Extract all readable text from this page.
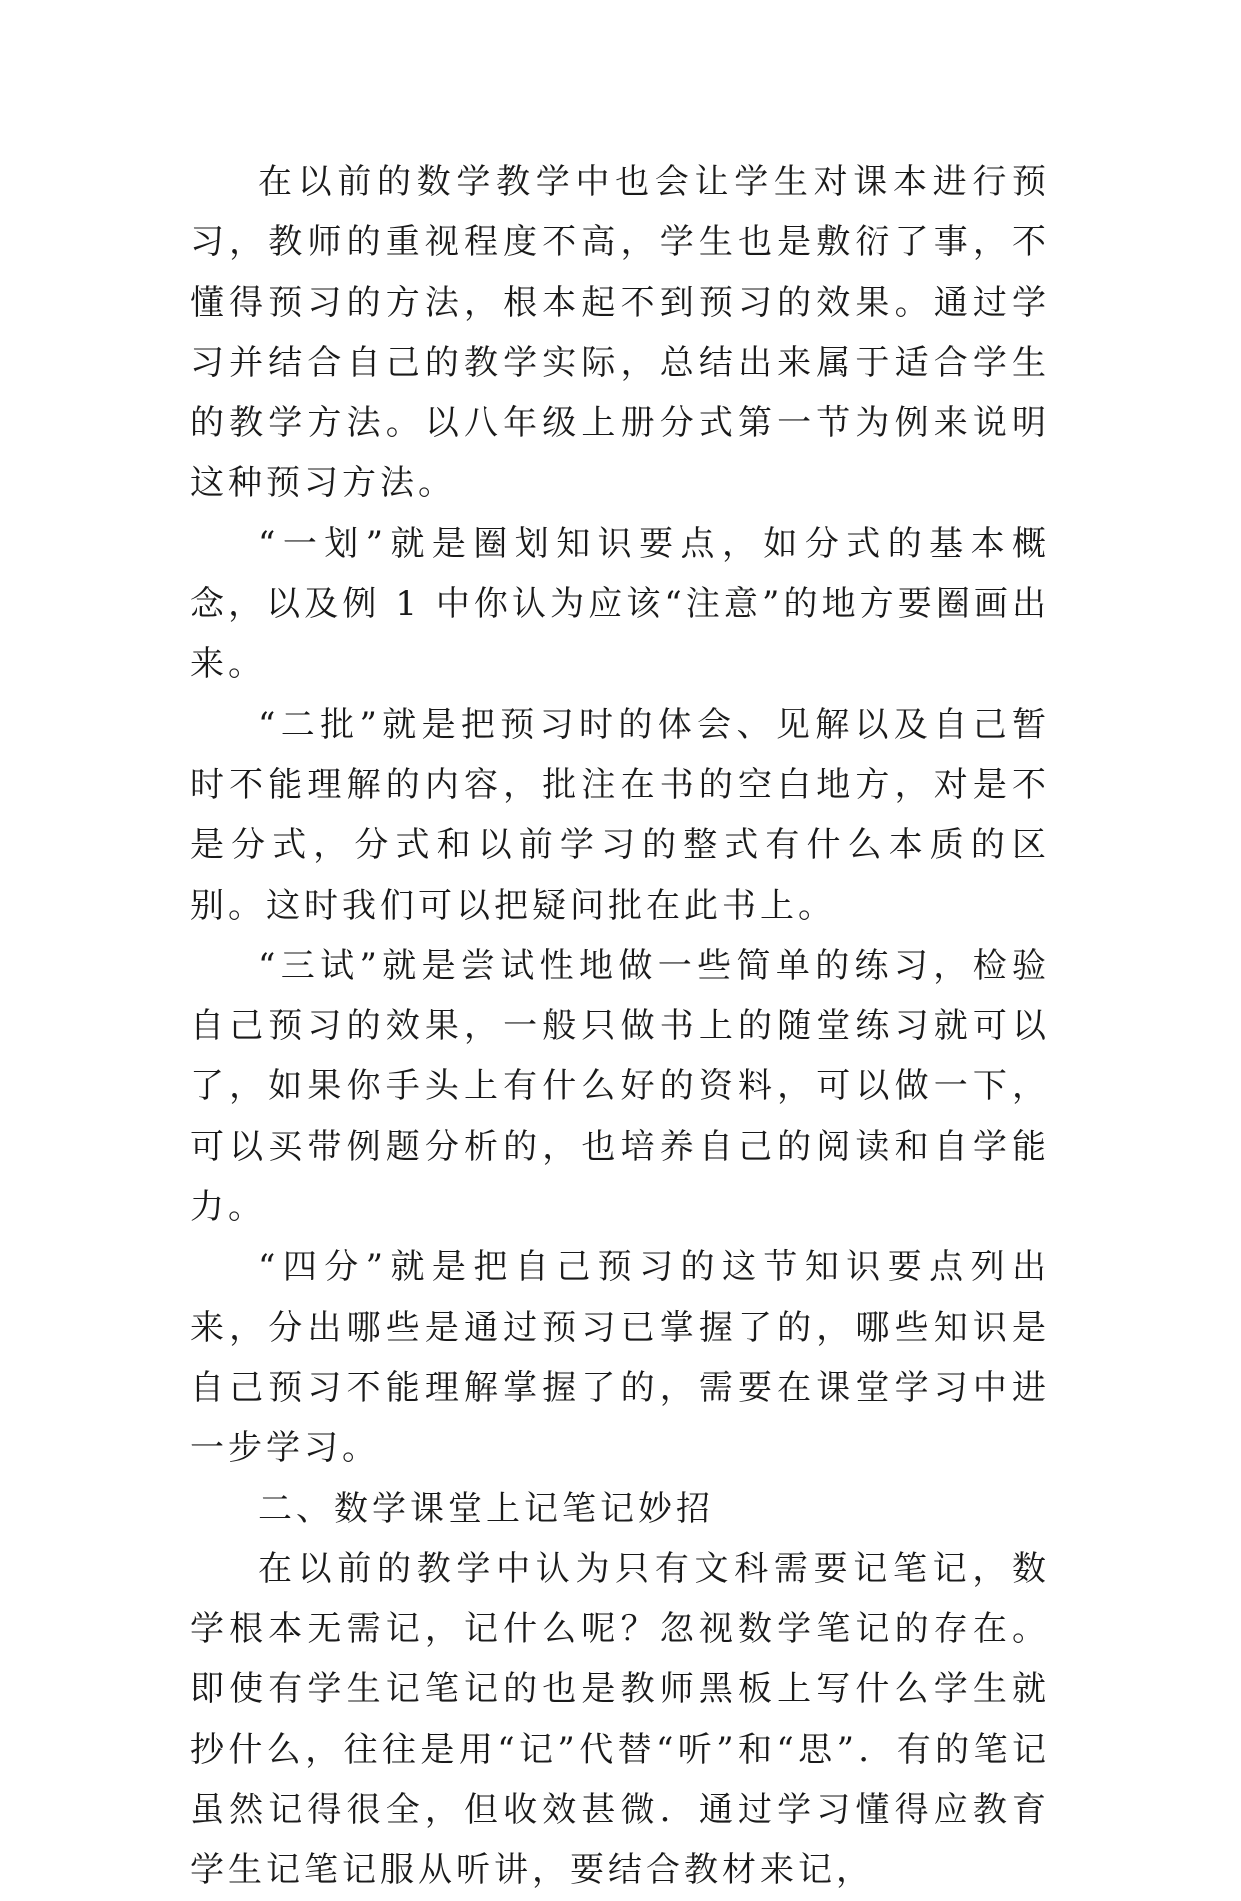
在以前的数学教学中也会让学生对课本进行预习，教师的重视程度不高，学生也是敷衍了事，不懂得预习的方法，根本起不到预习的效果。通过学习并结合自己的教学实际，总结出来属于适合学生的教学方法。以八年级上册分式第一节为例来说明这种预习方法。

“一划”就是圈划知识要点，如分式的基本概念，以及例 1 中你认为应该“注意”的地方要圈画出来。

“二批”就是把预习时的体会、见解以及自己暂时不能理解的内容，批注在书的空白地方，对是不是分式，分式和以前学习的整式有什么本质的区别。这时我们可以把疑问批在此书上。

“三试”就是尝试性地做一些简单的练习，检验自己预习的效果，一般只做书上的随堂练习就可以了，如果你手头上有什么好的资料，可以做一下，可以买带例题分析的，也培养自己的阅读和自学能力。

“四分”就是把自己预习的这节知识要点列出来，分出哪些是通过预习已掌握了的，哪些知识是自己预习不能理解掌握了的，需要在课堂学习中进一步学习。

二、数学课堂上记笔记妙招

在以前的教学中认为只有文科需要记笔记，数学根本无需记，记什么呢？忽视数学笔记的存在。即使有学生记笔记的也是教师黑板上写什么学生就抄什么，往往是用“记”代替“听”和“思”．有的笔记虽然记得很全，但收效甚微．通过学习懂得应教育学生记笔记服从听讲，要结合教材来记，
